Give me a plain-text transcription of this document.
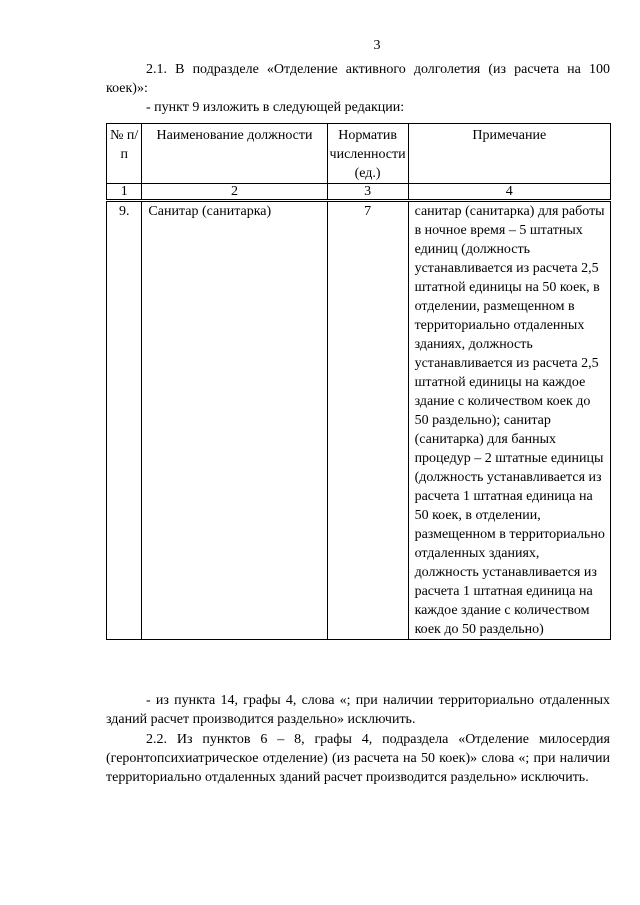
3

2.1. В подразделе «Отделение активного долголетия (из расчета на 100 коек)»:

- пункт 9 изложить в следующей редакции:

№ п/п	Наименование должности	Норматив численности (ед.)	Примечание
1	2	3	4
9.	Санитар (санитарка)	7	санитар (санитарка) для работы в ночное время – 5 штатных единиц (должность устанавливается из расчета 2,5 штатной единицы на 50 коек, в отделении, размещенном в территориально отдаленных зданиях, должность устанавливается из расчета 2,5 штатной единицы на каждое здание с количеством коек до 50 раздельно); санитар (санитарка) для банных процедур – 2 штатные единицы (должность устанавливается из расчета 1 штатная единица на 50 коек, в отделении, размещенном в территориально отдаленных зданиях, должность устанавливается из расчета 1 штатная единица на каждое здание с количеством коек до 50 раздельно)

- из пункта 14, графы 4, слова «; при наличии территориально отдаленных зданий расчет производится раздельно» исключить.

2.2. Из пунктов 6 – 8, графы 4, подраздела «Отделение милосердия (геронтопсихиатрическое отделение) (из расчета на 50 коек)» слова «; при наличии территориально отдаленных зданий расчет производится раздельно» исключить.
